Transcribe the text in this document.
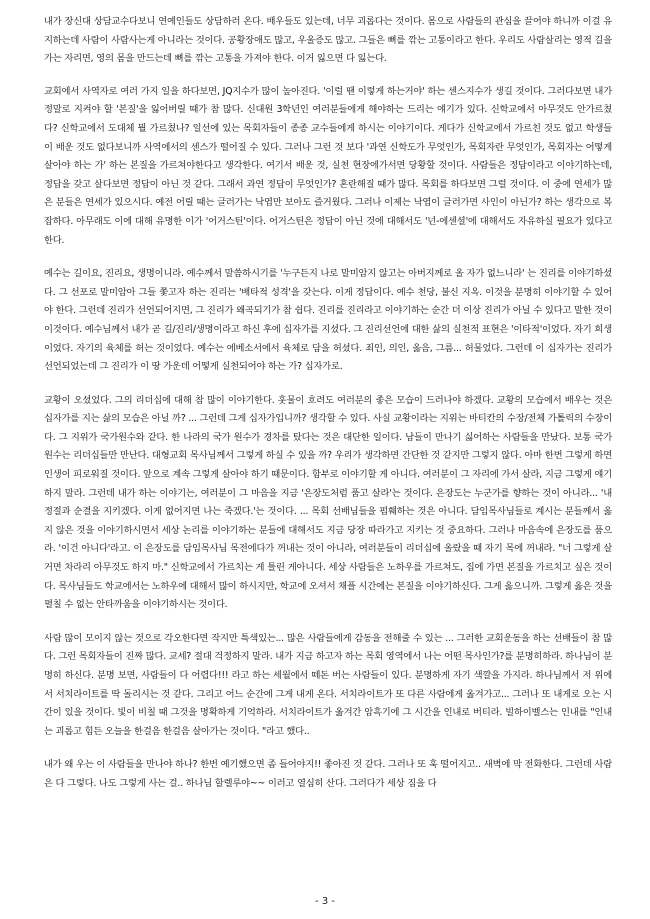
내가 장신대 상담교수다보니 연예인들도 상담하러 온다. 배우들도 있는데, 너무 괴롭다는 것이다. 몸으로 사람들의 관심을 끌어야 하니까 이걸 유지하는데 사람이 사람사는게 아니라는 것이다. 공황장애도 많고, 우울증도 많고. 그들은 뼈를 깎는 고통이라고 한다. 우리도 사람살리는 영적 길을 가는 자리면, 영의 몸을 만드는데 뼈를 깎는 고통을 가져야 한다. 이거 잃으면 다 잃는다.

교회에서 사역자로 여러 가지 일을 하다보면, JQ지수가 많이 높아진다. '이럴 땐 이렇게 하는거야' 하는 센스지수가 생길 것이다. 그러다보면 내가 정말로 지켜야 할 '본질'을 잃어버릴 때가 참 많다. 신대원 3학년인 여러분들에게 해야하는 드리는 얘기가 있다. 신학교에서 아무것도 안가르쳤다? 신학교에서 도대체 뭘 가르쳤나? 일선에 있는 목회자들이 종종 교수들에게 하시는 이야기이다. 게다가 신학교에서 가르친 것도 없고 학생들이 배운 것도 없다보니까 사역에서의 센스가 떨어질 수 있다. 그러나 그런 것 보다 '과연 신학도가 무엇인가, 목회자란 무엇인가, 목회자는 어떻게 살아야 하는 가' 하는 본질을 가르쳐야한다고 생각한다. 여기서 배운 것, 실천 현장에가서면 당황할 것이다. 사람들은 정답이라고 이야기하는데, 정답을 갖고 살다보면 정답이 아닌 것 같다. 그래서 과연 정답이 무엇인가? 혼란해질 때가 많다. 목회를 하다보면 그럴 것이다. 이 중에 연세가 많은 분들은 연세가 있으시다. 예전 어릴 때는 글러가는 낙엽만 보아도 즐거웠다. 그러나 이제는 낙엽이 글러가면 사인이 아닌가? 하는 생각으로 복잡하다. 아무래도 이에 대해 유명한 이가 '어거스틴'이다. 어거스틴은 정답이 아닌 것에 대해서도 '넌-에센셜'에 대해서도 자유하실 필요가 있다고 한다.

예수는 길이요, 진리요, 생명이니라. 예수께서 말씀하시기를 '누구든지 나로 말미암지 않고는 아버지께로 올 자가 없느니라' 는 진리를 이야기하셨다. 그 선포로 말미암아 그들 쫓고자 하는 진리는 '배타적 성격'을 갖는다. 이게 정답이다. 예수 천당, 불신 지옥. 이것을 분명히 이야기할 수 있어야 한다. 그런데 진리가 선언되어지면, 그 진리가 왜곡되기가 참 쉽다. 진리를 진리라고 이야기하는 순간 더 이상 진리가 아닐 수 있다고 말한 것이 이것이다. 예수님께서 내가 곧 길/진리/생명이라고 하신 후에 십자가를 지셨다. 그 진리선언에 대한 삶의 실천적 표현은 '이타적'이었다. 자기 희생이었다. 자기의 육체를 허는 것이었다. 예수는 에베소서에서 육체로 담을 허셨다. 죄인, 의인, 옳음, 그름... 허물었다. 그런데 이 십자가는 진리가 선언되었는데 그 진리가 이 땅 가운데 어떻게 실천되어야 하는 가? 십자가로.

교황이 오셨었다. 그의 리더십에 대해 참 많이 이야기한다. 훗물이 흐려도 여러분의 좋은 모습이 드러나야 하겠다. 교황의 모습에서 배우는 것은 십자가를 지는 삶의 모습은 아닐 까? ... 그런데 그게 십자가입니까? 생각할 수 있다. 사실 교황이라는 지위는 바티칸의 수장/전체 가톨릭의 수장이다. 그 지위가 국가원수와 같다. 한 나라의 국가 원수가 경차를 탔다는 것은 대단한 일이다. 남들이 만나기 싫어하는 사람들을 만났다. 보통 국가 원수는 리더십들만 만난다. 대형교회 목사님께서 그렇게 하실 수 있을 까? 우리가 생각하면 간단한 것 같지만 그렇지 않다. 아마 한번 그렇게 하면 인생이 피로워질 것이다. 앞으로 계속 그렇게 살아야 하기 때문이다. 함부로 이야기할 게 아니다. 여러분이 그 자리에 가서 살라, 지금 그렇게 얘기하지 말라. 그런데 내가 하는 이야기는, 여러분이 그 마음을 지금 '은장도처럼 품고 살라'는 것이다. 은장도는 누군가를 향하는 것이 아니라... '내 정절과 순결을 지키겠다. 이게 없어지면 나는 죽겠다.'는 것이다. ... 목회 선배님들을 펌훼하는 것은 아니다. 담임목사님들로 계시는 분들께서 옳지 않은 것을 이야기하시면서 세상 논리를 이야기하는 분들에 대해서도 지금 당장 따라가고 지키는 것 중요하다. 그러나 마음속에 은장도를 품으라. '이건 아니다'라고. 이 은장도를 담임목사님 목전에다가 꺼내는 것이 아니라, 여러분들이 리더십에 올랐을 때 자기 목에 꺼내라. "너 그렇게 살 거면 차라리 아무것도 하지 마." 신학교에서 가르치는 게 틀린 게아니다. 세상 사람들은 노하우를 가르쳐도, 집에 가면 본질을 가르치고 싶은 것이다. 목사님들도 학교에서는 노하우에 대해서 많이 하시지만, 학교에 오셔서 채플 시간에는 본질을 이야기하신다. 그게 옳으니까. 그렇게 옳은 것을 펼칠 수 없는 안타까움을 이야기하시는 것이다.

사람 많이 모이지 않는 것으로 각오한다면 작지만 특색있는... 많은 사람들에게 감동을 전해줄 수 있는 ... 그러한 교회운동을 하는 선배들이 참 많다. 그런 목회자들이 진짜 많다. 교세? 절대 걱정하지 말라. 내가 지금 하고자 하는 목회 영역에서 나는 어떤 목사인가?를 분명히하라. 하나님이 분명히 하신다. 분명 보면, 사람들이 다 어렵다!!! 라고 하는 세월에서 떼돈 버는 사람들이 있다. 분명하게 자기 색깔을 가지라. 하나님께서 저 위에서 서치라이트를 딱 돌리시는 것 같다. 그리고 어느 순간에 그게 내게 온다. 서치라이트가 또 다른 사람에게 옮겨가고... 그러나 또 내게로 오는 시간이 있을 것이다. 빛이 비칠 때 그것을 명확하게 기억하라. 서치라이트가 옮겨간 암흑기에 그 시간을 인내로 버티라. 빌하이벨스는 인내를 "인내는 괴롭고 힘든 오늘을 한걸음 한걸음 살아가는 것이다. "라고 했다..

내가 왜 우는 이 사람들을 만나야 하나? 한번 예기했으면 좀 들어야지!! 좋아진 것 같다. 그러나 또 훅 떨어지고.. 새벽에 막 전화한다. 그런데 사람은 다 그렇다. 나도 그렇게 사는 걸.. 하나님 할렐루야~~ 이러고 열심히 산다. 그러다가 세상 짐을 다

- 3 -
